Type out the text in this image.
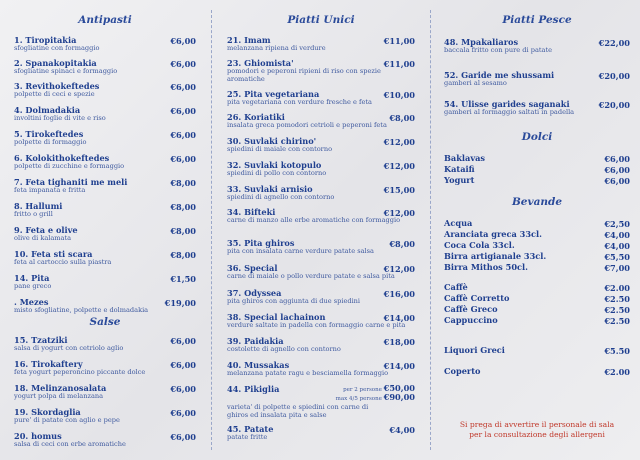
Antipasti
1. Tiropitakia	€6,00
sfogliatine con formaggio
2. Spanakopitakia	€6,00
sfogliatine spinaci e formaggio
3. Revithokeftedes	€6,00
polpette di ceci e spezie
4. Dolmadakia	€6,00
involtini foglie di vite e riso
5. Tirokeftedes	€6,00
polpette di formaggio
6. Kolokithokeftedes	€6,00
polpette di zucchine e formaggio
7. Feta tighaniti me meli	€8,00
feta impanata e fritta
8. Hallumi	€8,00
fritto o grill
9. Feta e olive	€8,00
olive di kalamata
10. Feta sti scara	€8,00
feta al cartoccio sulla piastra
14. Pita	€1,50
pane greco
. Mezes	€19,00
misto sfogliatine, polpette e dolmadakia
Salse
15. Tzatziki	€6,00
salsa di yogurt con cetriolo aglio
16. Tirokaftery	€6,00
feta yogurt peperoncino piccante dolce
18. Melinzanosalata	€6,00
yogurt polpa di melanzana
19. Skordaglia	€6,00
pure' di patate con aglio e pepe
20. homus	€6,00
salsa di ceci con erbe aromatiche
Piatti Unici
21. Imam	€11,00
melanzana ripiena di verdure
23. Ghiomista'	€11,00
pomodori e peperoni ripieni di riso con spezie aromatiche
25. Pita vegetariana	€10,00
pita vegetariana con verdure fresche e feta
26. Koriatiki	€8,00
insalata greca pomodori cetrioli e peperoni feta
30. Suvlaki chirino'	€12,00
spiedini di maiale con contorno
32. Suvlaki kotopulo	€12,00
spiedini di pollo con contorno
33. Suvlaki arnisio	€15,00
spiedini di agnello con contorno
34. Bifteki	€12,00
carne di manzo alle erbe aromatiche con formaggio
35. Pita ghiros	€8,00
pita con insalata carne verdure patate salsa
36. Special	€12,00
carne di maiale o pollo verdure patate e salsa pita
37. Odyssea	€16,00
pita ghiros con aggiunta di due spiedini
38. Special lachainon	€14,00
verdure saltate in padella con formaggio carne e pita
39. Paidakia	€18,00
costolette di agnello con contorno
40. Mussakas	€14,00
melanzana patate ragu e besciamella formaggio
44. Pikiglia
varieta' di polpette e spiedini con carne di ghiros ed insalata pita e salse
per 2 persone €50,00
max 4/5 persone €90,00
45. Patate	€4,00
patate fritte
Piatti Pesce
48. Mpakaliaros	€22,00
baccala fritto con pure di patate
52. Garide me shussami	€20,00
gamberi al sesamo
54. Ulisse garides saganaki	€20,00
gamberi al formaggio saltati in padella
Dolci
Baklavas	€6,00
Kataifi	€6,00
Yogurt	€6,00
Bevande
Acqua	€2,50
Aranciata greca 33cl.	€4,00
Coca Cola 33cl.	€4,00
Birra artigianale 33cl.	€5,50
Birra Mithos 50cl.	€7,00
Caffè	€2.00
Caffè Corretto	€2.50
Caffè Greco	€2.50
Cappuccino	€2.50
Liquori Greci	€5.50
Coperto	€2.00
Si prega di avvertire il personale di sala
per la consultazione degli allergeni
